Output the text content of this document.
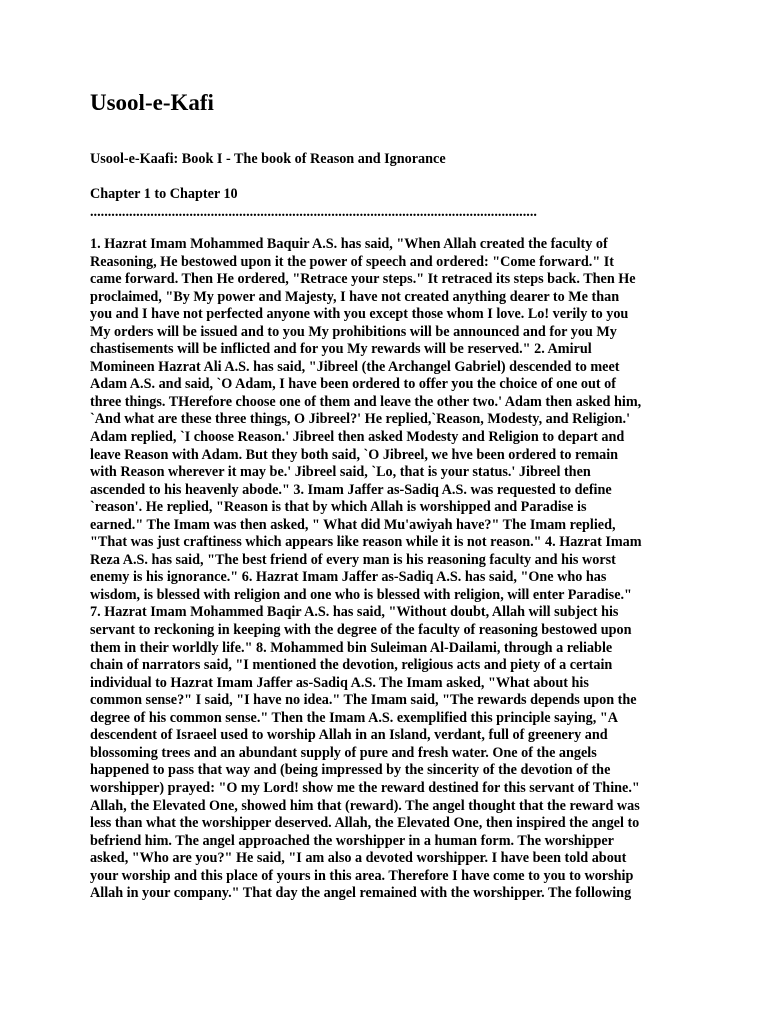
Usool-e-Kafi

Usool-e-Kaafi: Book I - The book of Reason and Ignorance

Chapter 1 to Chapter 10

..............................................................................................................................

1. Hazrat Imam Mohammed Baquir A.S. has said, "When Allah created the faculty of
Reasoning, He bestowed upon it the power of speech and ordered: "Come forward." It
came forward. Then He ordered, "Retrace your steps." It retraced its steps back. Then He
proclaimed, "By My power and Majesty, I have not created anything dearer to Me than
you and I have not perfected anyone with you except those whom I love. Lo! verily to you
My orders will be issued and to you My prohibitions will be announced and for you My
chastisements will be inflicted and for you My rewards will be reserved." 2. Amirul
Momineen Hazrat Ali A.S. has said, "Jibreel (the Archangel Gabriel) descended to meet
Adam A.S. and said, `O Adam, I have been ordered to offer you the choice of one out of
three things. THerefore choose one of them and leave the other two.' Adam then asked him,
`And what are these three things, O Jibreel?' He replied,`Reason, Modesty, and Religion.'
Adam replied, `I choose Reason.' Jibreel then asked Modesty and Religion to depart and
leave Reason with Adam. But they both said, `O Jibreel, we hve been ordered to remain
with Reason wherever it may be.' Jibreel said, `Lo, that is your status.' Jibreel then
ascended to his heavenly abode." 3. Imam Jaffer as-Sadiq A.S. was requested to define
`reason'. He replied, "Reason is that by which Allah is worshipped and Paradise is
earned." The Imam was then asked, " What did Mu'awiyah have?" The Imam replied,
"That was just craftiness which appears like reason while it is not reason." 4. Hazrat Imam
Reza A.S. has said, "The best friend of every man is his reasoning faculty and his worst
enemy is his ignorance." 6. Hazrat Imam Jaffer as-Sadiq A.S. has said, "One who has
wisdom, is blessed with religion and one who is blessed with religion, will enter Paradise."
7. Hazrat Imam Mohammed Baqir A.S. has said, "Without doubt, Allah will subject his
servant to reckoning in keeping with the degree of the faculty of reasoning bestowed upon
them in their worldly life." 8. Mohammed bin Suleiman Al-Dailami, through a reliable
chain of narrators said, "I mentioned the devotion, religious acts and piety of a certain
individual to Hazrat Imam Jaffer as-Sadiq A.S. The Imam asked, "What about his
common sense?" I said, "I have no idea." The Imam said, "The rewards depends upon the
degree of his common sense." Then the Imam A.S. exemplified this principle saying, "A
descendent of Israeel used to worship Allah in an Island, verdant, full of greenery and
blossoming trees and an abundant supply of pure and fresh water. One of the angels
happened to pass that way and (being impressed by the sincerity of the devotion of the
worshipper) prayed: "O my Lord! show me the reward destined for this servant of Thine."
Allah, the Elevated One, showed him that (reward). The angel thought that the reward was
less than what the worshipper deserved. Allah, the Elevated One, then inspired the angel to
befriend him. The angel approached the worshipper in a human form. The worshipper
asked, "Who are you?" He said, "I am also a devoted worshipper. I have been told about
your worship and this place of yours in this area. Therefore I have come to you to worship
Allah in your company." That day the angel remained with the worshipper. The following
